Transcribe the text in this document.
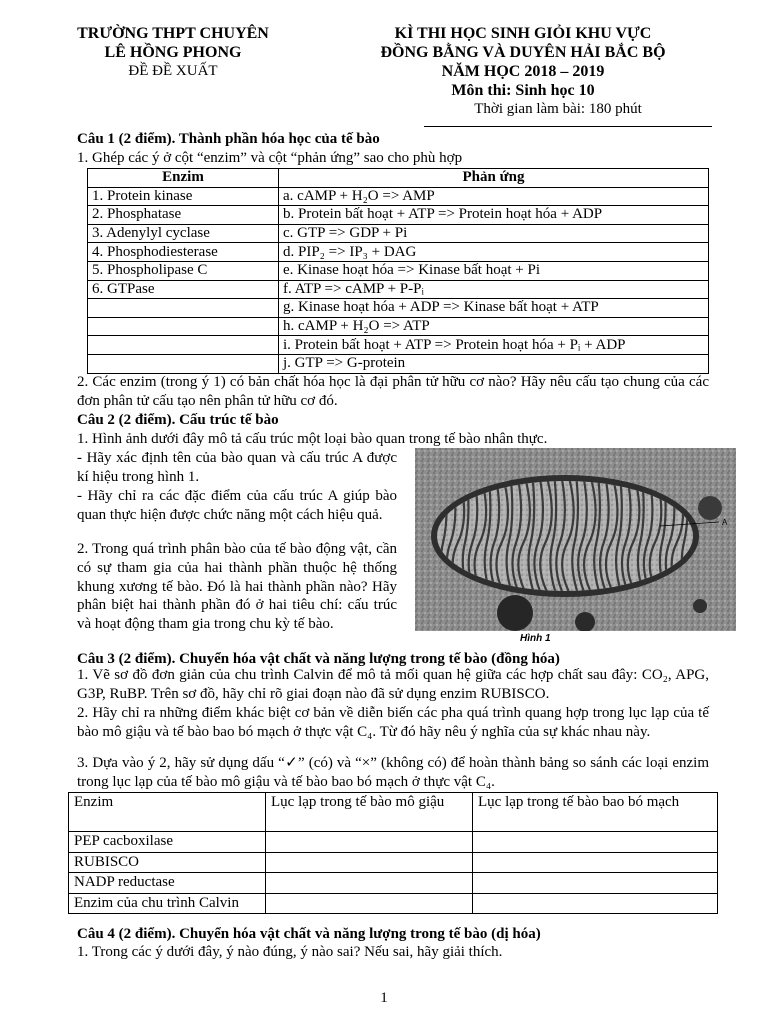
TRƯỜNG THPT CHUYÊN
LÊ HỒNG PHONG
ĐỀ ĐỀ XUẤT
KÌ THI HỌC SINH GIỎI KHU VỰC
ĐỒNG BẰNG VÀ DUYÊN HẢI BẮC BỘ
NĂM HỌC 2018 – 2019
Môn thi: Sinh học 10
Thời gian làm bài: 180 phút
Câu 1 (2 điểm). Thành phần hóa học của tế bào
1. Ghép các ý ở cột “enzim” và cột “phản ứng” sao cho phù hợp
Enzim	Phản ứng
1. Protein kinase	a. cAMP + H₂O => AMP
2. Phosphatase	b. Protein bất hoạt + ATP => Protein hoạt hóa + ADP
3. Adenylyl cyclase	c. GTP => GDP + Pi
4. Phosphodiesterase	d. PIP₂ => IP₃ + DAG
5. Phospholipase C	e. Kinase hoạt hóa => Kinase bất hoạt + Pi
6. GTPase	f. ATP => cAMP + P-Pᵢ
	g. Kinase hoạt hóa + ADP => Kinase bất hoạt + ATP
	h. cAMP + H₂O => ATP
	i. Protein bất hoạt + ATP => Protein hoạt hóa + Pᵢ + ADP
	j. GTP => G-protein
2. Các enzim (trong ý 1) có bản chất hóa học là đại phân tử hữu cơ nào? Hãy nêu cấu tạo chung của các đơn phân tử cấu tạo nên phân tử hữu cơ đó.
Câu 2 (2 điểm). Cấu trúc tế bào
1. Hình ảnh dưới đây mô tả cấu trúc một loại bào quan trong tế bào nhân thực.
- Hãy xác định tên của bào quan và cấu trúc A được kí hiệu trong hình 1.
- Hãy chỉ ra các đặc điểm của cấu trúc A giúp bào quan thực hiện được chức năng một cách hiệu quả.
2. Trong quá trình phân bào của tế bào động vật, cần có sự tham gia của hai thành phần thuộc hệ thống khung xương tế bào. Đó là hai thành phần nào? Hãy phân biệt hai thành phần đó ở hai tiêu chí: cấu trúc và hoạt động tham gia trong chu kỳ tế bào.
A
Hình 1
Câu 3 (2 điểm). Chuyển hóa vật chất và năng lượng trong tế bào (đồng hóa)
1. Vẽ sơ đồ đơn giản của chu trình Calvin để mô tả mối quan hệ giữa các hợp chất sau đây: CO₂, APG, G3P, RuBP. Trên sơ đồ, hãy chỉ rõ giai đoạn nào đã sử dụng enzim RUBISCO.
2. Hãy chỉ ra những điểm khác biệt cơ bản về diễn biến các pha quá trình quang hợp trong lục lạp của tế bào mô giậu và tế bào bao bó mạch ở thực vật C₄. Từ đó hãy nêu ý nghĩa của sự khác nhau này.
3. Dựa vào ý 2, hãy sử dụng dấu “✓” (có) và “×” (không có) để hoàn thành bảng so sánh các loại enzim trong lục lạp của tế bào mô giậu và tế bào bao bó mạch ở thực vật C₄.
Enzim	Lục lạp trong tế bào mô giậu	Lục lạp trong tế bào bao bó mạch
PEP cacboxilase		
RUBISCO		
NADP reductase		
Enzim của chu trình Calvin		
Câu 4 (2 điểm). Chuyển hóa vật chất và năng lượng trong tế bào (dị hóa)
1. Trong các ý dưới đây, ý nào đúng, ý nào sai? Nếu sai, hãy giải thích.
1
